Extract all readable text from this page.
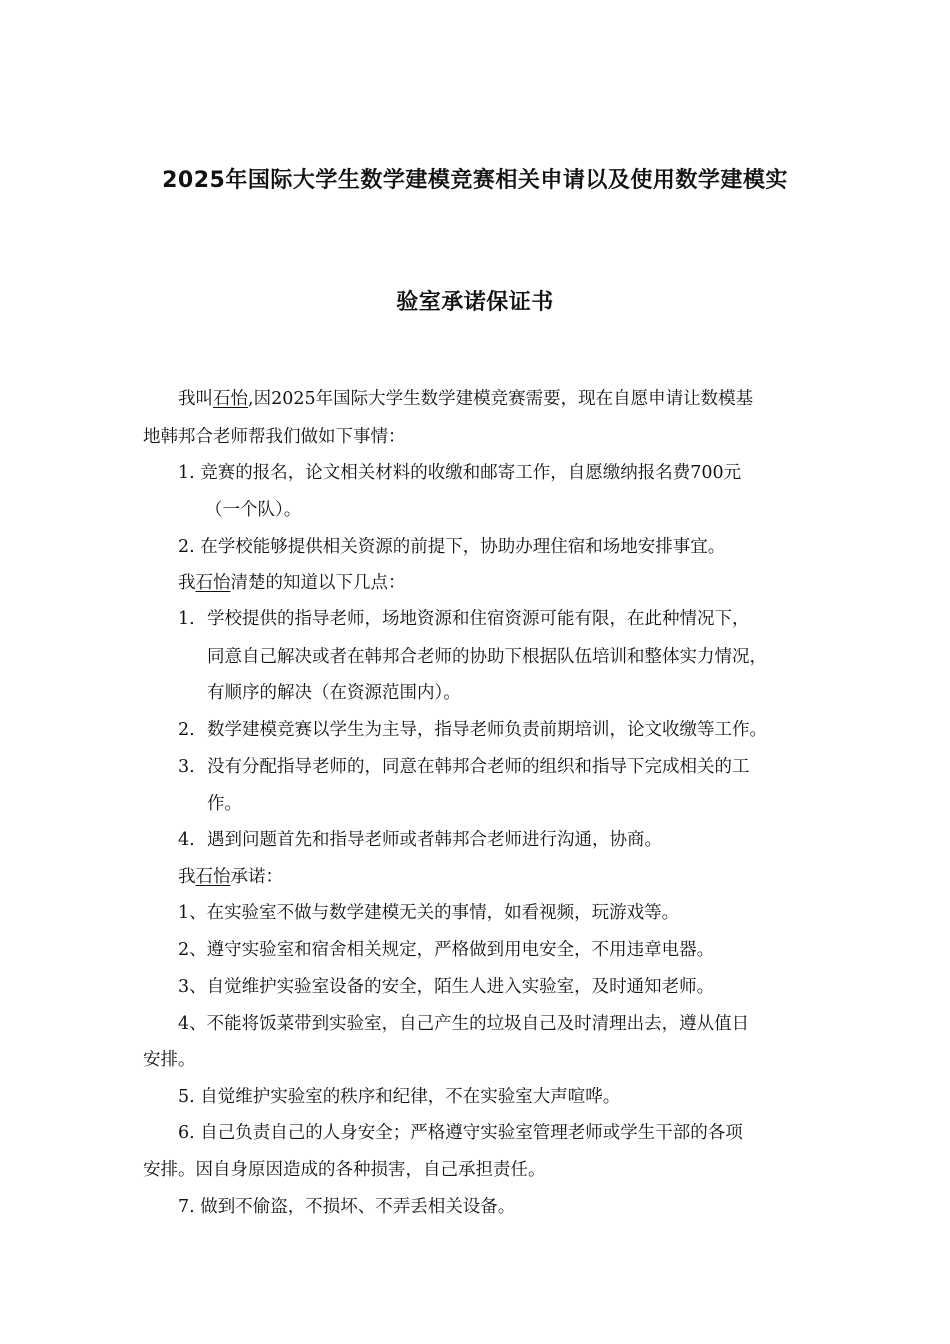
2025年国际大学生数学建模竞赛相关申请以及使用数学建模实
验室承诺保证书
我叫石怡,因2025年国际大学生数学建模竞赛需要，现在自愿申请让数模基
地韩邦合老师帮我们做如下事情：
1. 竞赛的报名，论文相关材料的收缴和邮寄工作，自愿缴纳报名费700元
（一个队）。
2. 在学校能够提供相关资源的前提下，协助办理住宿和场地安排事宜。
我石怡清楚的知道以下几点：
1. 学校提供的指导老师，场地资源和住宿资源可能有限，在此种情况下，
同意自己解决或者在韩邦合老师的协助下根据队伍培训和整体实力情况，
有顺序的解决（在资源范围内）。
2. 数学建模竞赛以学生为主导，指导老师负责前期培训，论文收缴等工作。
3. 没有分配指导老师的，同意在韩邦合老师的组织和指导下完成相关的工
作。
4. 遇到问题首先和指导老师或者韩邦合老师进行沟通，协商。
我石怡承诺：
1、在实验室不做与数学建模无关的事情，如看视频，玩游戏等。
2、遵守实验室和宿舍相关规定，严格做到用电安全，不用违章电器。
3、自觉维护实验室设备的安全，陌生人进入实验室，及时通知老师。
4、不能将饭菜带到实验室，自己产生的垃圾自己及时清理出去，遵从值日
安排。
5. 自觉维护实验室的秩序和纪律，不在实验室大声喧哗。
6. 自己负责自己的人身安全；严格遵守实验室管理老师或学生干部的各项
安排。因自身原因造成的各种损害，自己承担责任。
7. 做到不偷盗，不损坏、不弄丢相关设备。
